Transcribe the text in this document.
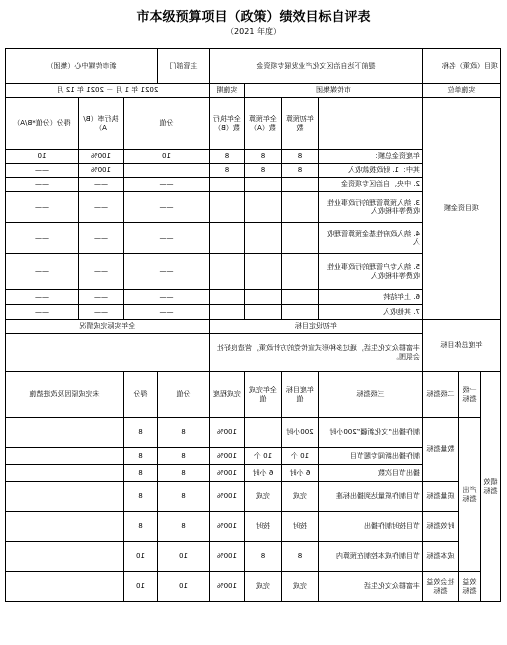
市本级预算项目（政策）绩效目标自评表
（2021 年度）
项目（政策）名称			提前下达自治区文化产业发展专项资金				主管部门	新市传媒中心（集团）		
实施单位			市传媒集团			实施期	2021 年 1 月 － 2021 年 12 月			
项目资金额				年初预算数	全年预算数（A）	全年执行数（B）	分值		执行率（B/A）	得分（分值*B/A）
			年度资金总额：	8	8	8	10		100%	10
			其中：1. 财政拨款收入	8	8	8			100%	——
			2. 中央、自治区专项资金				——		——	——
			3. 纳入预算管理的行政事业性收费等非税收入				——		——	——
			4. 纳入政府性基金预算管理收入				——		——	——
			5. 纳入专户管理的行政事业性收费等非税收入				——		——	——
			6. 上年结转				——		——	——
			7. 其他收入				——		——	——
年度总体目标			年初设定目标				全年实际完成情况			
			丰富群众文化生活，通过多种形式宣传党的方针政策，营造良好社会氛围。							
绩效指标	一级指标	二级指标	三级指标	年度目标值	全年完成值	完成程度	分值	得分	未完成原因及改进措施	
	产出指标	数量指标	制作播出“文化新疆”200小时	200小时		100%	8	8		
			制作播出新闻专题节目	10 个	10 个	100%	8	8		
			播出节目次数	6 小时	6 小时	100%	8	8		
		质量指标	节目制作质量达到播出标准	完成	完成	100%	8	8		
		时效指标	节目按时制作播出	按时	按时	100%	8	8		
		成本指标	节目制作成本控制在预算内	8	8	100%	10	10		
	效益指标	社会效益指标	丰富群众文化生活	完成	完成	100%	10	10		
